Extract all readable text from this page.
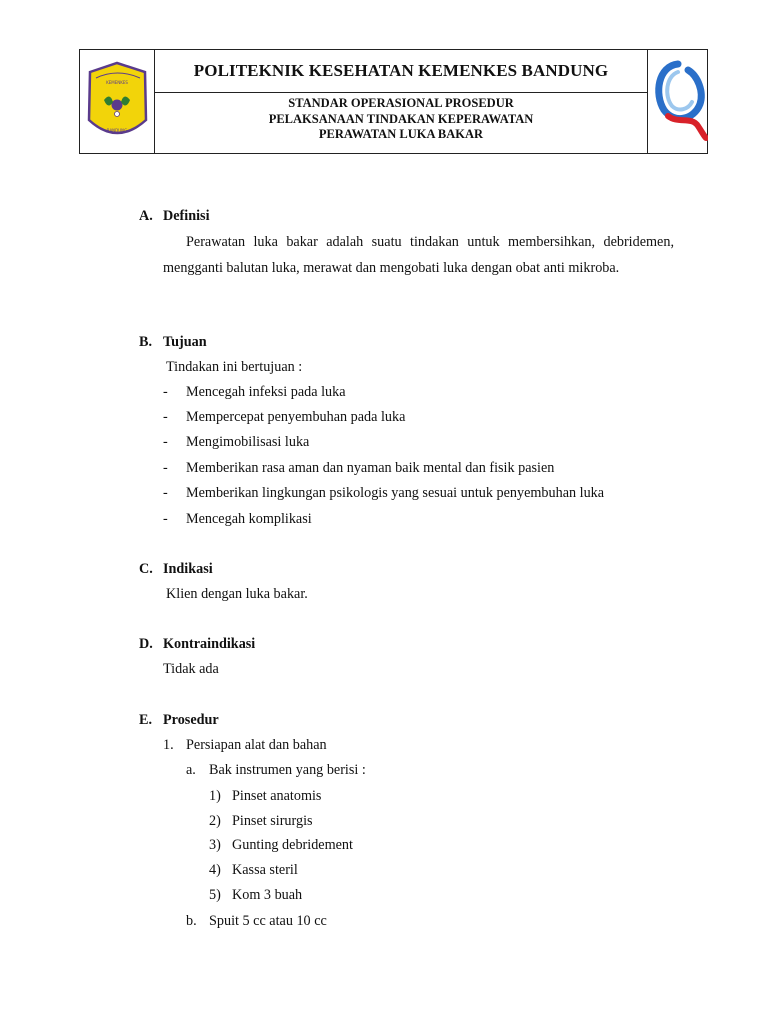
KEMENKES
BANDUNG
POLITEKNIK KESEHATAN KEMENKES BANDUNG
STANDAR OPERASIONAL PROSEDUR
PELAKSANAAN TINDAKAN KEPERAWATAN
PERAWATAN LUKA BAKAR
A. Definisi
Perawatan luka bakar adalah suatu tindakan untuk membersihkan, debridemen, mengganti balutan luka, merawat dan mengobati luka dengan obat anti mikroba.
B. Tujuan
Tindakan ini bertujuan :
- Mencegah infeksi pada luka
- Mempercepat penyembuhan pada luka
- Mengimobilisasi luka
- Memberikan rasa aman dan nyaman baik mental dan fisik pasien
- Memberikan lingkungan psikologis yang sesuai untuk penyembuhan luka
- Mencegah komplikasi
C. Indikasi
Klien dengan luka bakar.
D. Kontraindikasi
Tidak ada
E. Prosedur
1. Persiapan alat dan bahan
a. Bak instrumen yang berisi :
1) Pinset anatomis
2) Pinset sirurgis
3) Gunting debridement
4) Kassa steril
5) Kom 3 buah
b. Spuit 5 cc atau 10 cc
